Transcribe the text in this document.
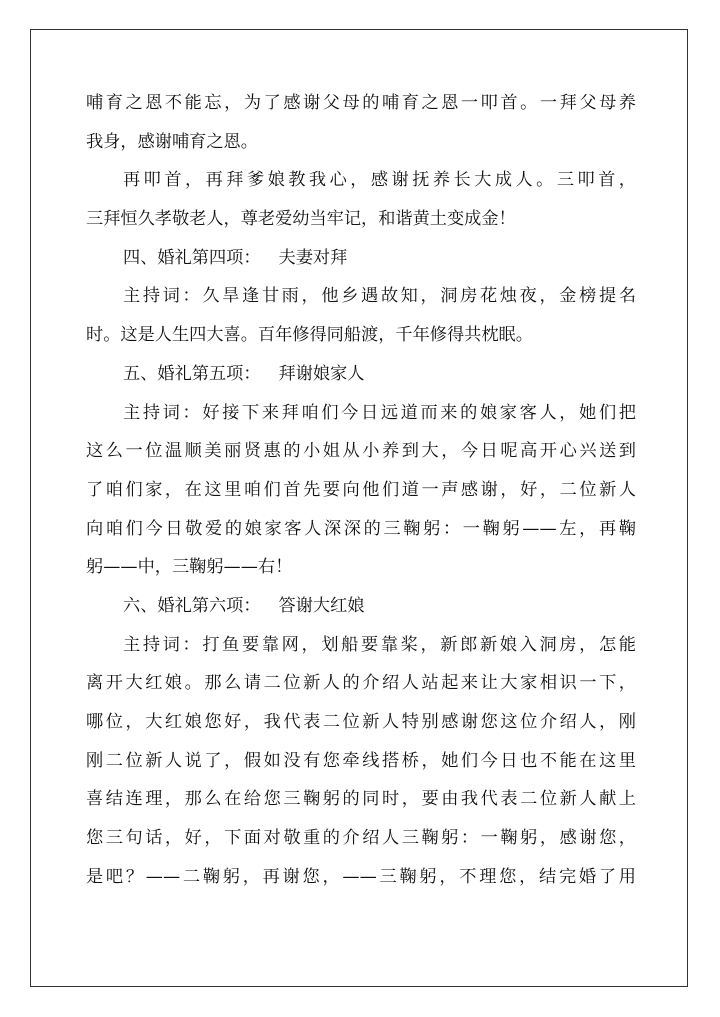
哺育之恩不能忘，为了感谢父母的哺育之恩一叩首。一拜父母养
我身，感谢哺育之恩。
再叩首，再拜爹娘教我心，感谢抚养长大成人。三叩首，
三拜恒久孝敬老人，尊老爱幼当牢记，和谐黄土变成金！
四、婚礼第四项： 夫妻对拜
主持词：久旱逢甘雨，他乡遇故知，洞房花烛夜，金榜提名
时。这是人生四大喜。百年修得同船渡，千年修得共枕眠。
五、婚礼第五项： 拜谢娘家人
主持词：好接下来拜咱们今日远道而来的娘家客人，她们把
这么一位温顺美丽贤惠的小姐从小养到大，今日呢高开心兴送到
了咱们家，在这里咱们首先要向他们道一声感谢，好，二位新人
向咱们今日敬爱的娘家客人深深的三鞠躬：一鞠躬——左，再鞠
躬——中，三鞠躬——右！
六、婚礼第六项： 答谢大红娘
主持词：打鱼要靠网，划船要靠桨，新郎新娘入洞房，怎能
离开大红娘。那么请二位新人的介绍人站起来让大家相识一下，
哪位，大红娘您好，我代表二位新人特别感谢您这位介绍人，刚
刚二位新人说了，假如没有您牵线搭桥，她们今日也不能在这里
喜结连理，那么在给您三鞠躬的同时，要由我代表二位新人献上
您三句话，好，下面对敬重的介绍人三鞠躬：一鞠躬，感谢您，
是吧？——二鞠躬，再谢您，——三鞠躬，不理您，结完婚了用
